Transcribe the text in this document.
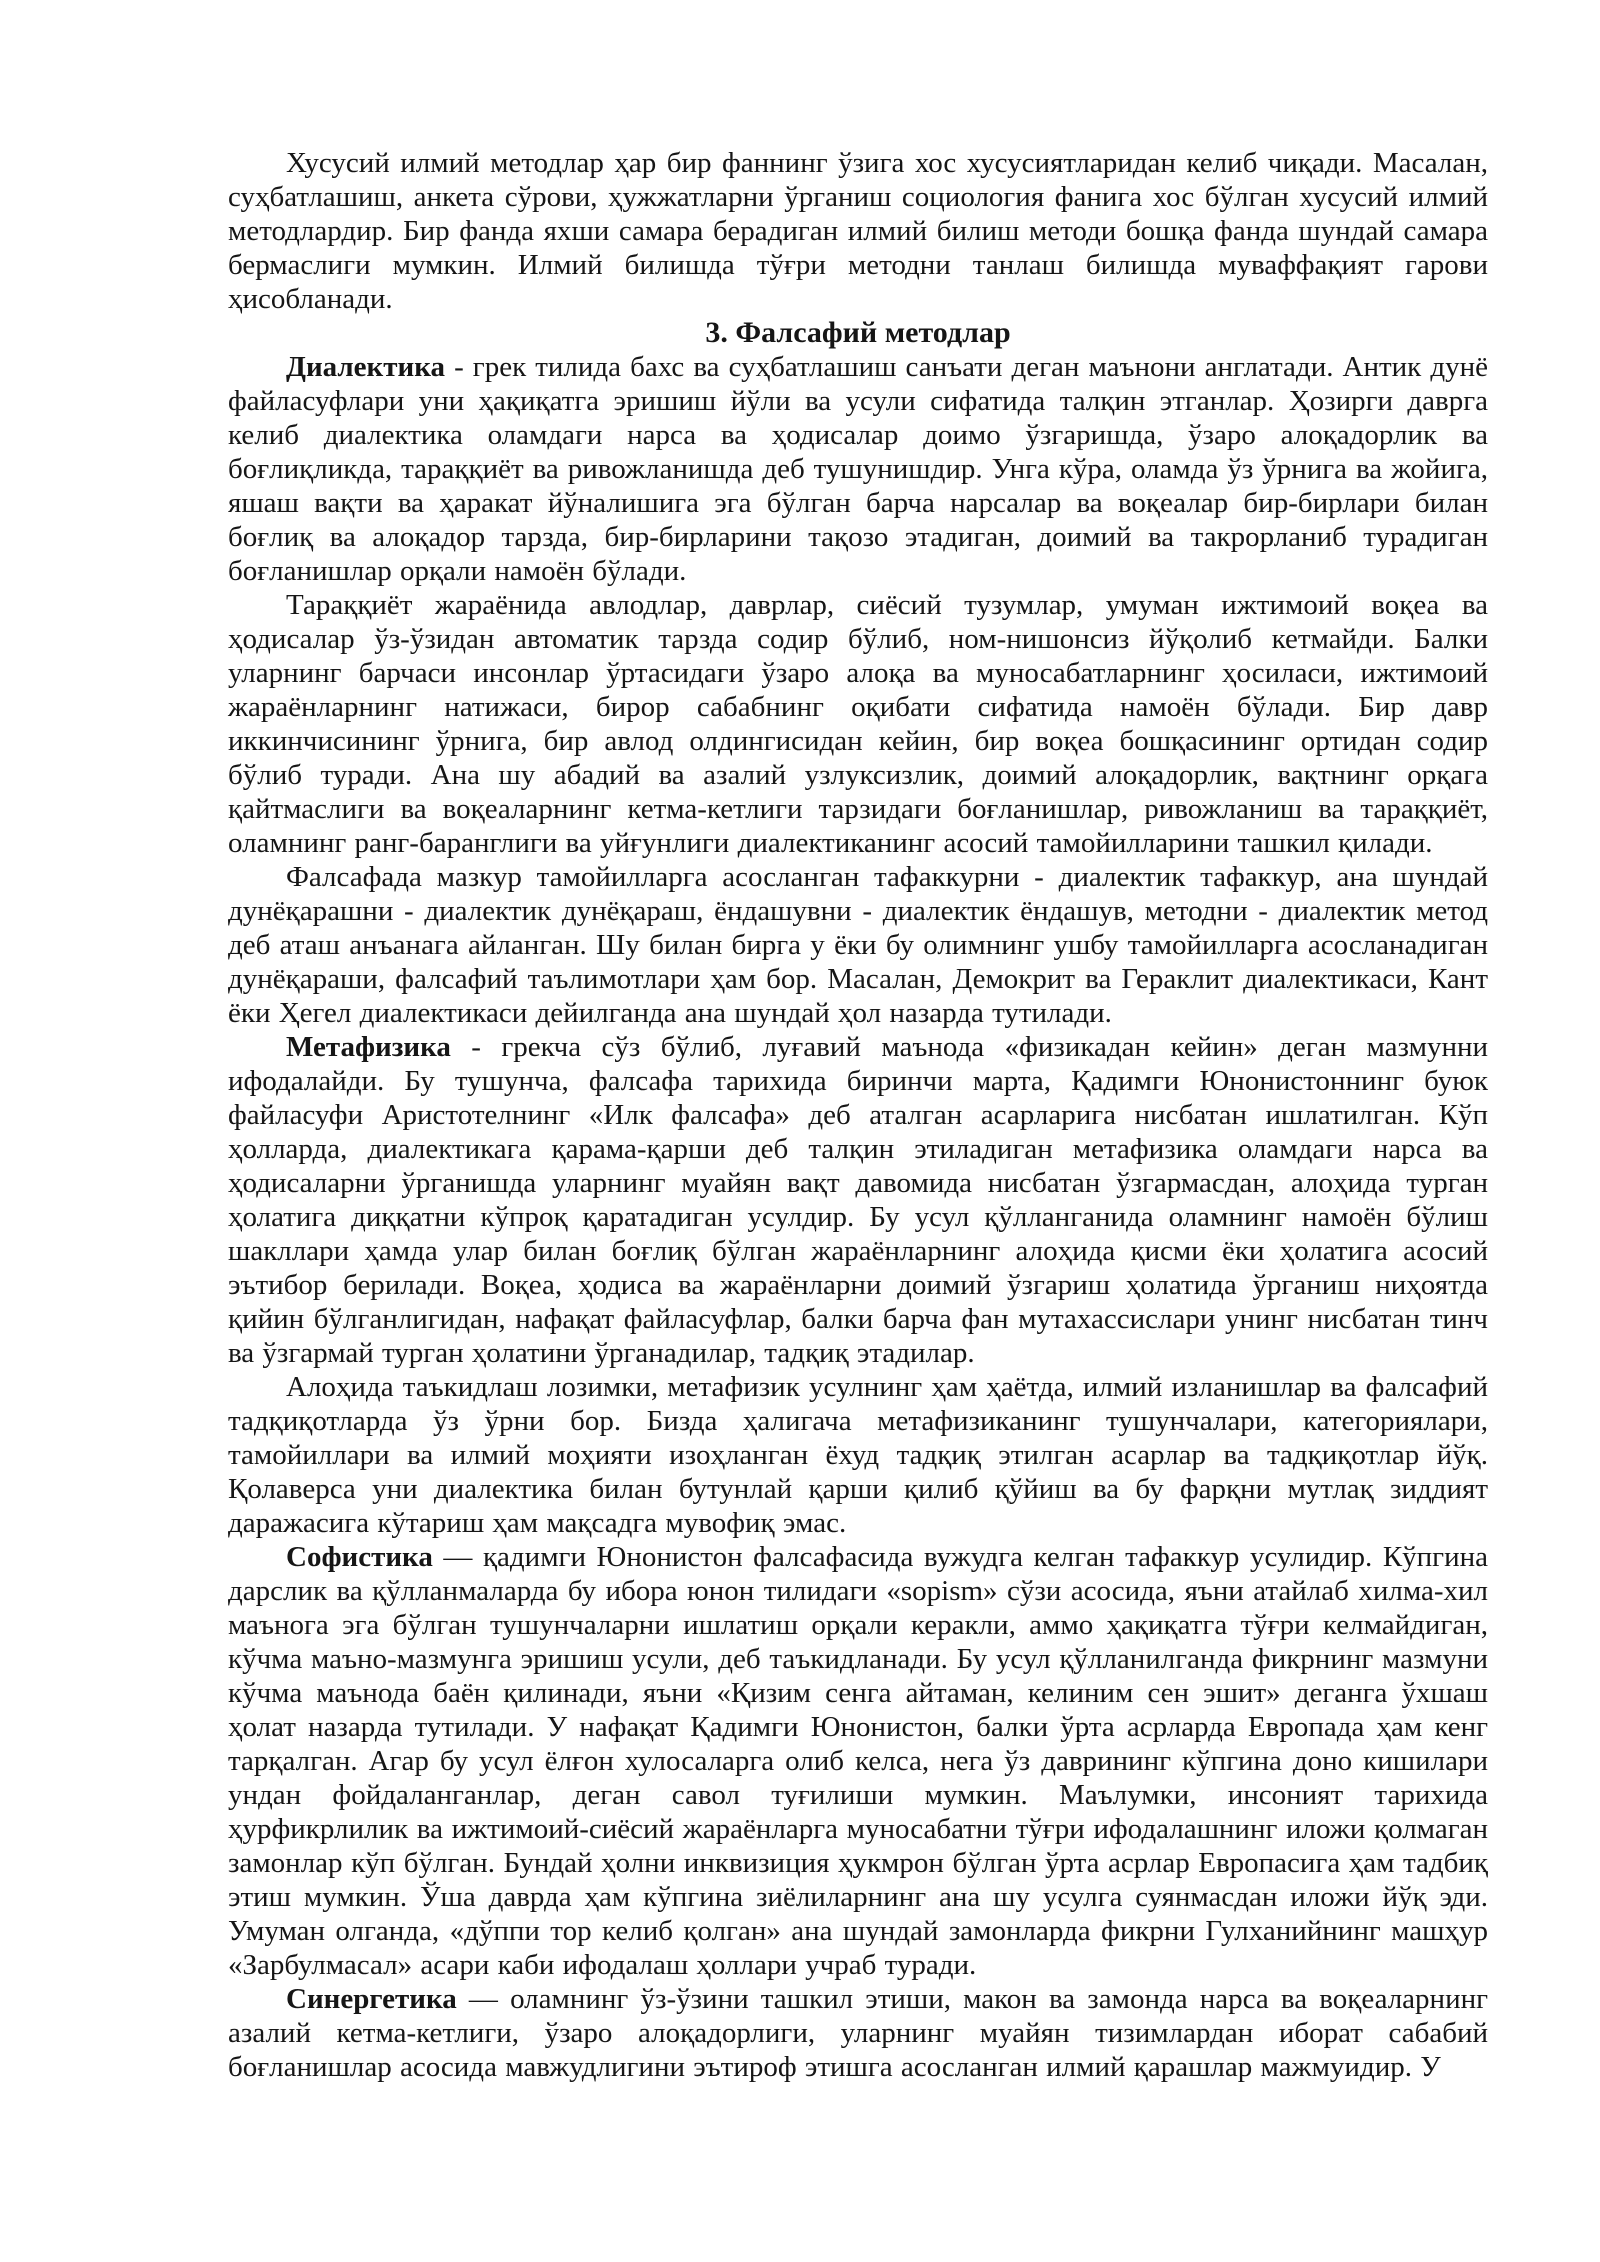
Хусусий илмий методлар ҳар бир фаннинг ўзига хос хусусиятларидан келиб чиқади. Масалан, суҳбатлашиш, анкета сўрови, ҳужжатларни ўрганиш социология фанига хос бўлган хусусий илмий методлардир. Бир фанда яхши самара берадиган илмий билиш методи бошқа фанда шундай самара бермаслиги мумкин. Илмий билишда тўғри методни танлаш билишда муваффақият гарови ҳисобланади.

3. Фалсафий методлар

Диалектика - грек тилида бахс ва суҳбатлашиш санъати деган маънони англатади. Антик дунё файласуфлари уни ҳақиқатга эришиш йўли ва усули сифатида талқин этганлар. Ҳозирги даврга келиб диалектика оламдаги нарса ва ҳодисалар доимо ўзгаришда, ўзаро алоқадорлик ва боғлиқликда, тараққиёт ва ривожланишда деб тушунишдир. Унга кўра, оламда ўз ўрнига ва жойига, яшаш вақти ва ҳаракат йўналишига эга бўлган барча нарсалар ва воқеалар бир-бирлари билан боғлиқ ва алоқадор тарзда, бир-бирларини тақозо этадиган, доимий ва такрорланиб турадиган боғланишлар орқали намоён бўлади.

Тараққиёт жараёнида авлодлар, даврлар, сиёсий тузумлар, умуман ижтимоий воқеа ва ҳодисалар ўз-ўзидан автоматик тарзда содир бўлиб, ном-нишонсиз йўқолиб кетмайди. Балки уларнинг барчаси инсонлар ўртасидаги ўзаро алоқа ва муносабатларнинг ҳосиласи, ижтимоий жараёнларнинг натижаси, бирор сабабнинг оқибати сифатида намоён бўлади. Бир давр иккинчисининг ўрнига, бир авлод олдингисидан кейин, бир воқеа бошқасининг ортидан содир бўлиб туради. Ана шу абадий ва азалий узлуксизлик, доимий алоқадорлик, вақтнинг орқага қайтмаслиги ва воқеаларнинг кетма-кетлиги тарзидаги боғланишлар, ривожланиш ва тараққиёт, оламнинг ранг-баранглиги ва уйғунлиги диалектиканинг асосий тамойилларини ташкил қилади.

Фалсафада мазкур тамойилларга асосланган тафаккурни - диалектик тафаккур, ана шундай дунёқарашни - диалектик дунёқараш, ёндашувни - диалектик ёндашув, методни - диалектик метод деб аташ анъанага айланган. Шу билан бирга у ёки бу олимнинг ушбу тамойилларга асосланадиган дунёқараши, фалсафий таълимотлари ҳам бор. Масалан, Демокрит ва Гераклит диалектикаси, Кант ёки Ҳегел диалектикаси дейилганда ана шундай ҳол назарда тутилади.

Метафизика - грекча сўз бўлиб, луғавий маънода «физикадан кейин» деган мазмунни ифодалайди. Бу тушунча, фалсафа тарихида биринчи марта, Қадимги Юнонистоннинг буюк файласуфи Аристотелнинг «Илк фалсафа» деб аталган асарларига нисбатан ишлатилган. Кўп ҳолларда, диалектикага қарама-қарши деб талқин этиладиган метафизика оламдаги нарса ва ҳодисаларни ўрганишда уларнинг муайян вақт давомида нисбатан ўзгармасдан, алоҳида турган ҳолатига диққатни кўпроқ қаратадиган усулдир. Бу усул қўлланганида оламнинг намоён бўлиш шакллари ҳамда улар билан боғлиқ бўлган жараёнларнинг алоҳида қисми ёки ҳолатига асосий эътибор берилади. Воқеа, ҳодиса ва жараёнларни доимий ўзгариш ҳолатида ўрганиш ниҳоятда қийин бўлганлигидан, нафақат файласуфлар, балки барча фан мутахассислари унинг нисбатан тинч ва ўзгармай турган ҳолатини ўрганадилар, тадқиқ этадилар.

Алоҳида таъкидлаш лозимки, метафизик усулнинг ҳам ҳаётда, илмий изланишлар ва фалсафий тадқиқотларда ўз ўрни бор. Бизда ҳалигача метафизиканинг тушунчалари, категориялари, тамойиллари ва илмий моҳияти изоҳланган ёхуд тадқиқ этилган асарлар ва тадқиқотлар йўқ. Қолаверса уни диалектика билан бутунлай қарши қилиб қўйиш ва бу фарқни мутлақ зиддият даражасига кўтариш ҳам мақсадга мувофиқ эмас.

Софистика — қадимги Юнонистон фалсафасида вужудга келган тафаккур усулидир. Кўпгина дарслик ва қўлланмаларда бу ибора юнон тилидаги «sopism» сўзи асосида, яъни атайлаб хилма-хил маънога эга бўлган тушунчаларни ишлатиш орқали керакли, аммо ҳақиқатга тўғри келмайдиган, кўчма маъно-мазмунга эришиш усули, деб таъкидланади. Бу усул қўлланилганда фикрнинг мазмуни кўчма маънода баён қилинади, яъни «Қизим сенга айтаман, келиним сен эшит» деганга ўхшаш ҳолат назарда тутилади. У нафақат Қадимги Юнонистон, балки ўрта асрларда Европада ҳам кенг тарқалган. Агар бу усул ёлғон хулосаларга олиб келса, нега ўз даврининг кўпгина доно кишилари ундан фойдаланганлар, деган савол туғилиши мумкин. Маълумки, инсоният тарихида ҳурфикрлилик ва ижтимоий-сиёсий жараёнларга муносабатни тўғри ифодалашнинг иложи қолмаган замонлар кўп бўлган. Бундай ҳолни инквизиция ҳукмрон бўлган ўрта асрлар Европасига ҳам тадбиқ этиш мумкин. Ўша даврда ҳам кўпгина зиёлиларнинг ана шу усулга суянмасдан иложи йўқ эди. Умуман олганда, «дўппи тор келиб қолган» ана шундай замонларда фикрни Гулханийнинг машҳур «Зарбулмасал» асари каби ифодалаш ҳоллари учраб туради.

Синергетика — оламнинг ўз-ўзини ташкил этиши, макон ва замонда нарса ва воқеаларнинг азалий кетма-кетлиги, ўзаро алоқадорлиги, уларнинг муайян тизимлардан иборат сабабий боғланишлар асосида мавжудлигини эътироф этишга асосланган илмий қарашлар мажмуидир. У
